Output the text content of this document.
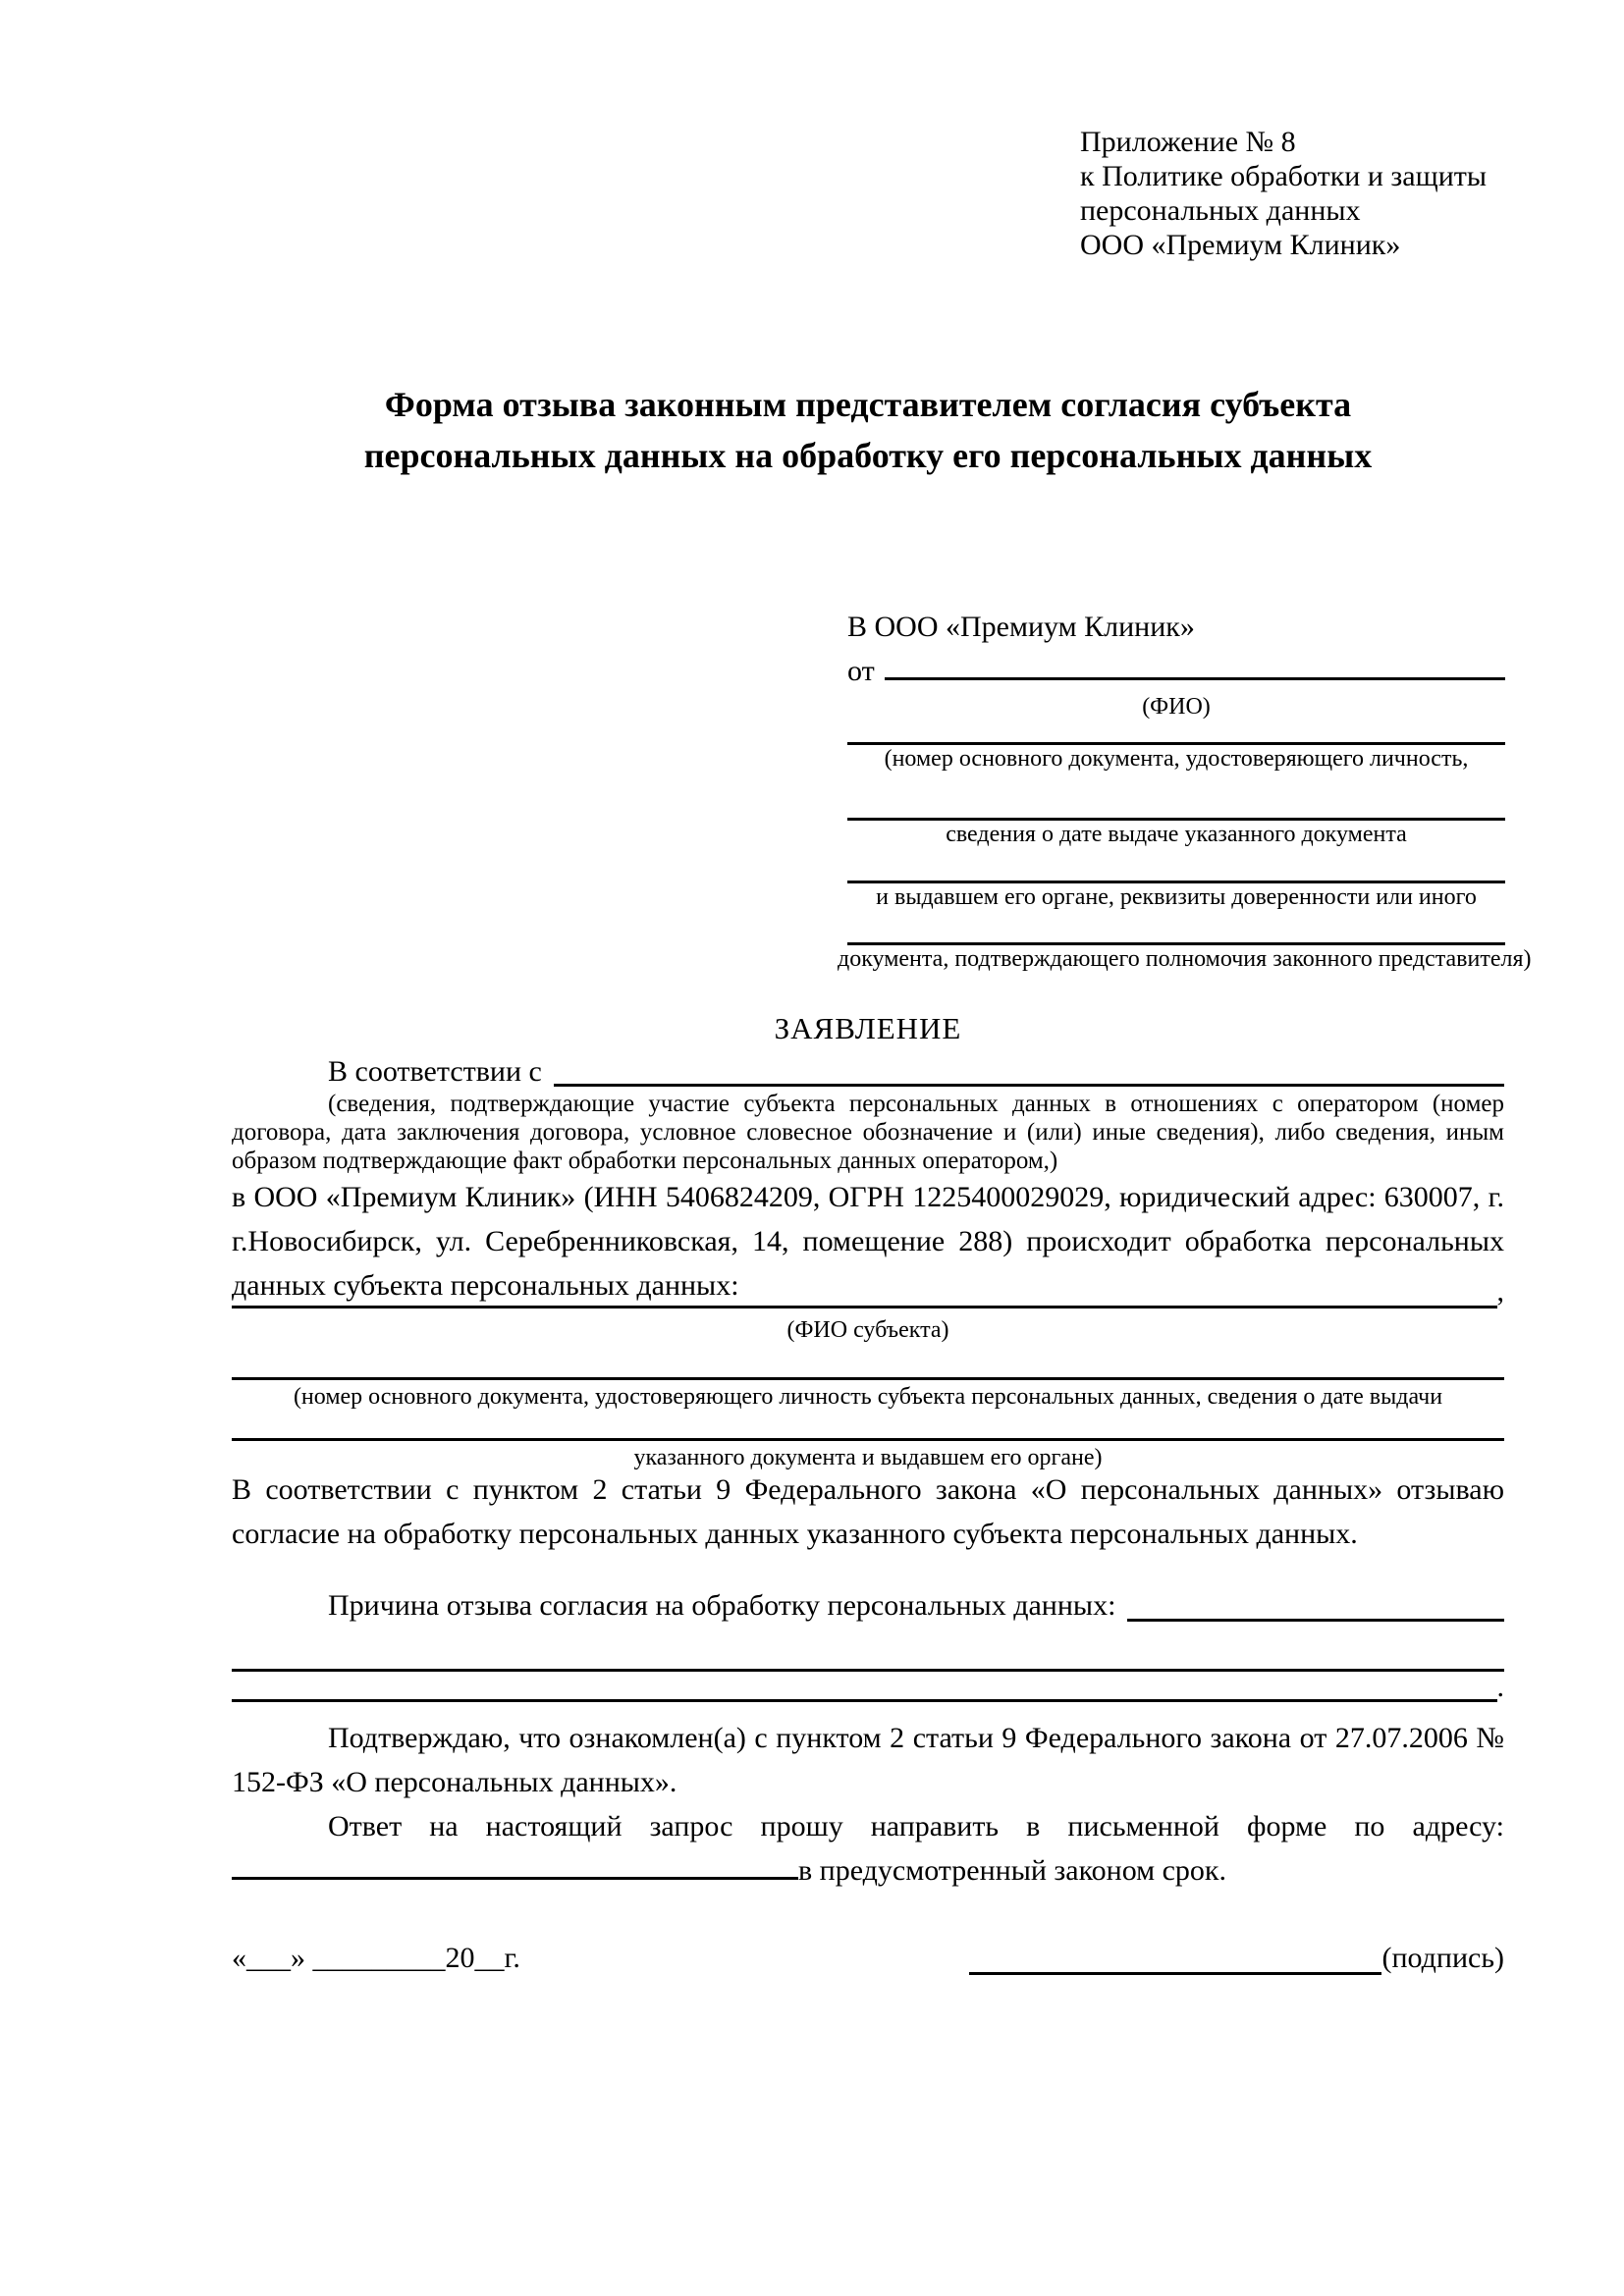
Приложение № 8
к Политике обработки и защиты
персональных данных
ООО «Премиум Клиник»
Форма отзыва законным представителем согласия субъекта
персональных данных на обработку его персональных данных
В ООО «Премиум Клиник»
от
(ФИО)
(номер основного документа, удостоверяющего личность,
сведения о дате выдаче указанного документа
и выдавшем его органе, реквизиты доверенности или иного
документа, подтверждающего полномочия законного представителя)
ЗАЯВЛЕНИЕ
В соответствии с
(сведения, подтверждающие участие субъекта персональных данных в отношениях с оператором (номер договора, дата заключения договора, условное словесное обозначение и (или) иные сведения), либо сведения, иным образом подтверждающие факт обработки персональных данных оператором,)
в ООО «Премиум Клиник» (ИНН 5406824209, ОГРН 1225400029029, юридический адрес: 630007, г. г.Новосибирск, ул. Серебренниковская, 14, помещение 288) происходит обработка персональных данных субъекта персональных данных:	,
(ФИО субъекта)
(номер основного документа, удостоверяющего личность субъекта персональных данных, сведения о дате выдачи
указанного документа и выдавшем его органе)
В соответствии с пунктом 2 статьи 9 Федерального закона «О персональных данных» отзываю согласие на обработку персональных данных указанного субъекта персональных данных.
Причина отзыва согласия на обработку персональных данных:
.
Подтверждаю, что ознакомлен(а) с пунктом 2 статьи 9 Федерального закона от 27.07.2006 № 152-ФЗ «О персональных данных».
Ответ на настоящий запрос прошу направить в письменной форме по адресу: в предусмотренный законом срок.
«___» _________20__г.	(подпись)
